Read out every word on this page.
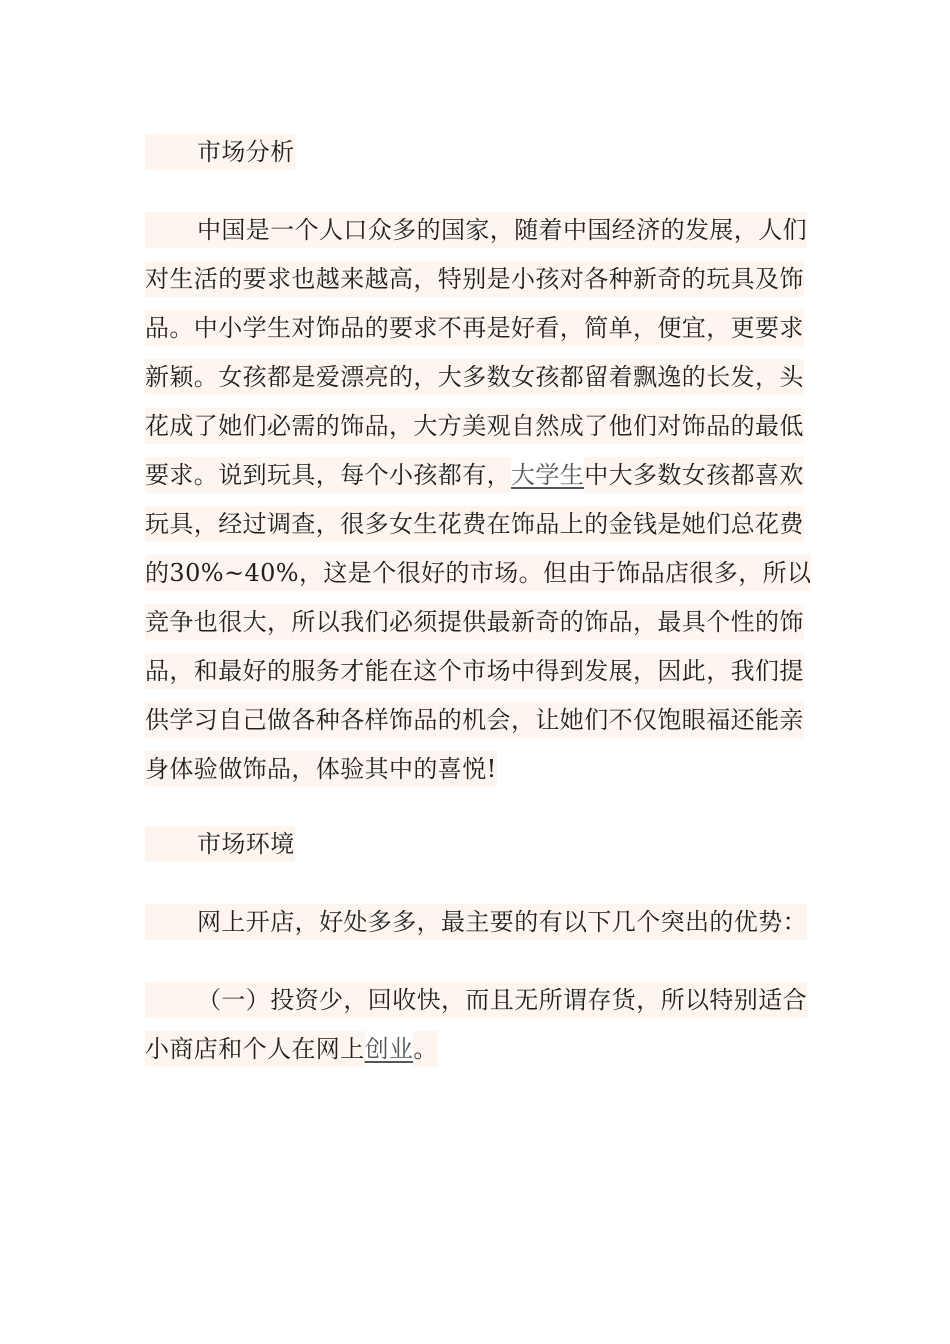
市场分析

中国是一个人口众多的国家，随着中国经济的发展，人们对生活的要求也越来越高，特别是小孩对各种新奇的玩具及饰品。中小学生对饰品的要求不再是好看，简单，便宜，更要求新颖。女孩都是爱漂亮的，大多数女孩都留着飘逸的长发，头花成了她们必需的饰品，大方美观自然成了他们对饰品的最低要求。说到玩具，每个小孩都有，大学生中大多数女孩都喜欢玩具，经过调查，很多女生花费在饰品上的金钱是她们总花费的30%~40%，这是个很好的市场。但由于饰品店很多，所以竞争也很大，所以我们必须提供最新奇的饰品，最具个性的饰品，和最好的服务才能在这个市场中得到发展，因此，我们提供学习自己做各种各样饰品的机会，让她们不仅饱眼福还能亲身体验做饰品，体验其中的喜悦!

市场环境

网上开店，好处多多，最主要的有以下几个突出的优势：

（一）投资少，回收快，而且无所谓存货，所以特别适合小商店和个人在网上创业。
